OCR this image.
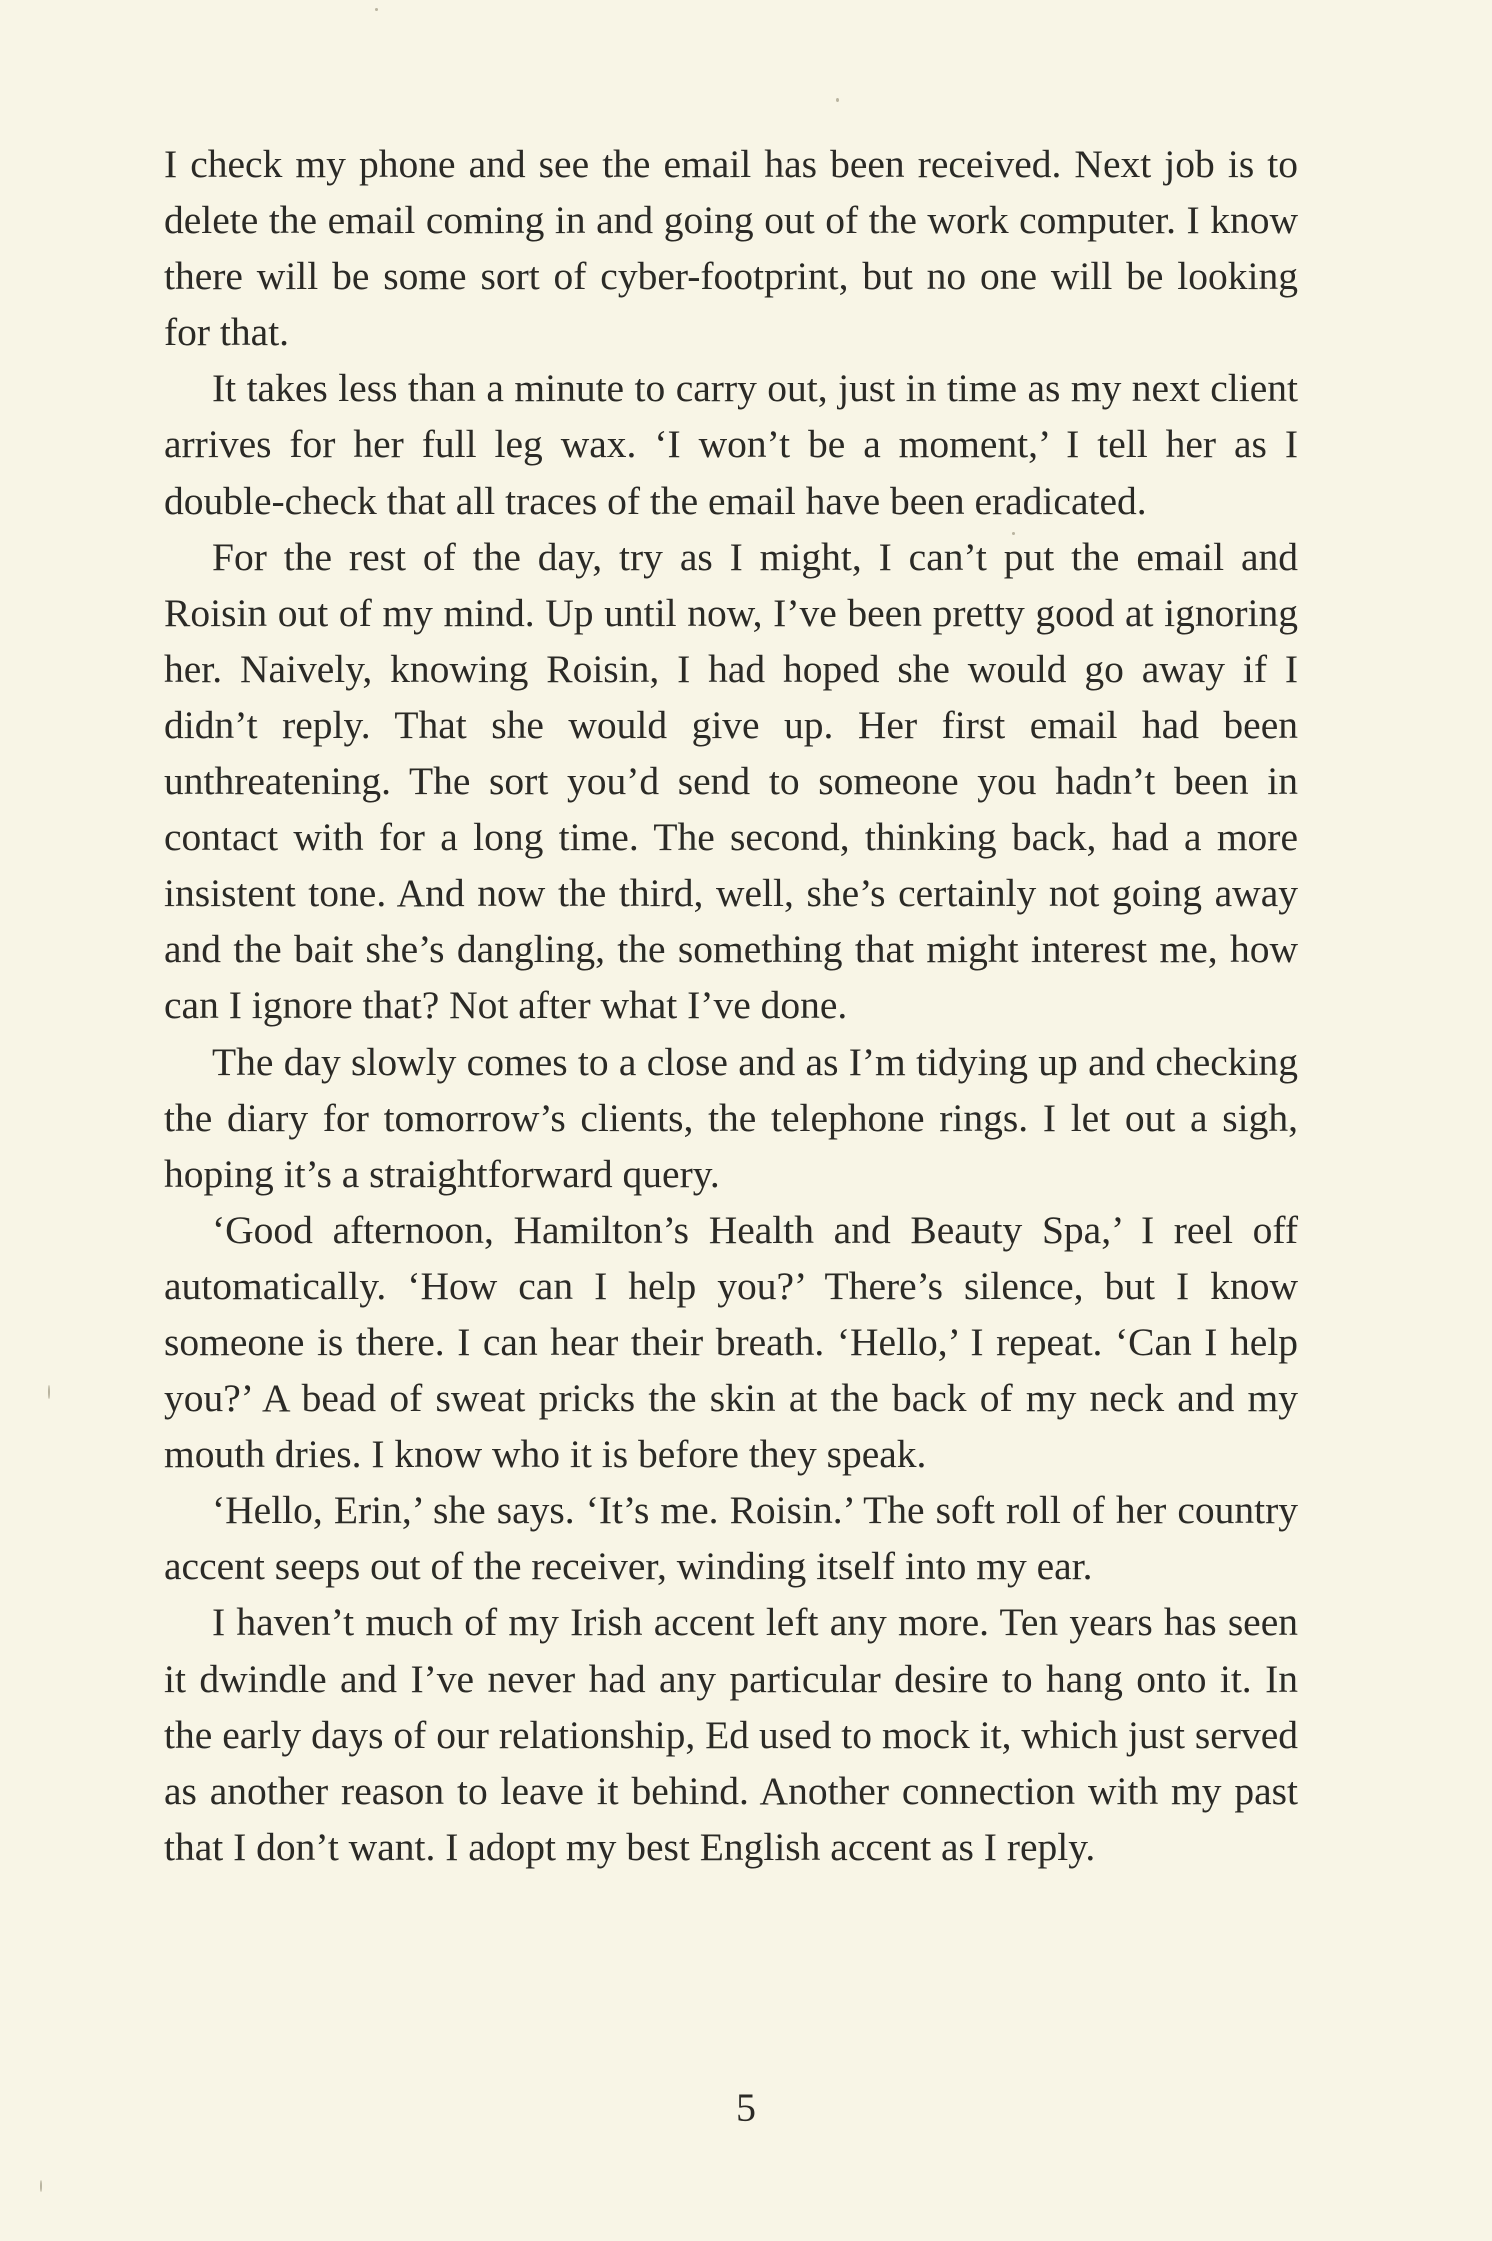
I check my phone and see the email has been received. Next job is to delete the email coming in and going out of the work computer. I know there will be some sort of cyber-footprint, but no one will be looking for that.

It takes less than a minute to carry out, just in time as my next client arrives for her full leg wax. ‘I won’t be a moment,’ I tell her as I double-check that all traces of the email have been eradicated.

For the rest of the day, try as I might, I can’t put the email and Roisin out of my mind. Up until now, I’ve been pretty good at ignoring her. Naively, knowing Roisin, I had hoped she would go away if I didn’t reply. That she would give up. Her first email had been unthreatening. The sort you’d send to someone you hadn’t been in contact with for a long time. The second, thinking back, had a more insistent tone. And now the third, well, she’s certainly not going away and the bait she’s dangling, the something that might interest me, how can I ignore that? Not after what I’ve done.

The day slowly comes to a close and as I’m tidying up and checking the diary for tomorrow’s clients, the telephone rings. I let out a sigh, hoping it’s a straightforward query.

‘Good afternoon, Hamilton’s Health and Beauty Spa,’ I reel off automatically. ‘How can I help you?’ There’s silence, but I know someone is there. I can hear their breath. ‘Hello,’ I repeat. ‘Can I help you?’ A bead of sweat pricks the skin at the back of my neck and my mouth dries. I know who it is before they speak.

‘Hello, Erin,’ she says. ‘It’s me. Roisin.’ The soft roll of her country accent seeps out of the receiver, winding itself into my ear.

I haven’t much of my Irish accent left any more. Ten years has seen it dwindle and I’ve never had any particular desire to hang onto it. In the early days of our relationship, Ed used to mock it, which just served as another reason to leave it behind. Another connection with my past that I don’t want. I adopt my best English accent as I reply.

5
